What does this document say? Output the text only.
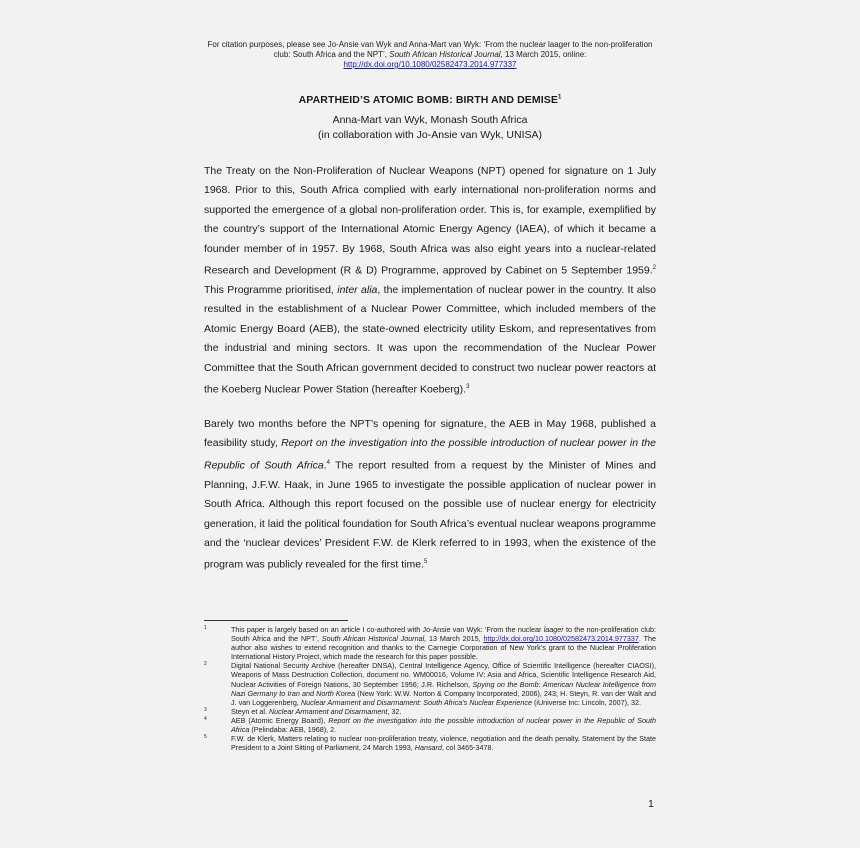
For citation purposes, please see Jo-Ansie van Wyk and Anna-Mart van Wyk: ‘From the nuclear laager to the non-proliferation
club: South Africa and the NPT’, South African Historical Journal, 13 March 2015, online:
http://dx.doi.org/10.1080/02582473.2014.977337
APARTHEID’S ATOMIC BOMB: BIRTH AND DEMISE$^1$
Anna-Mart van Wyk, Monash South Africa
(in collaboration with Jo-Ansie van Wyk, UNISA)
The Treaty on the Non-Proliferation of Nuclear Weapons (NPT) opened for signature on 1 July 1968. Prior to this, South Africa complied with early international non-proliferation norms and supported the emergence of a global non-proliferation order. This is, for example, exemplified by the country’s support of the International Atomic Energy Agency (IAEA), of which it became a founder member of in 1957. By 1968, South Africa was also eight years into a nuclear-related Research and Development (R & D) Programme, approved by Cabinet on 5 September 1959.$^2$ This Programme prioritised, inter alia, the implementation of nuclear power in the country. It also resulted in the establishment of a Nuclear Power Committee, which included members of the Atomic Energy Board (AEB), the state-owned electricity utility Eskom, and representatives from the industrial and mining sectors. It was upon the recommendation of the Nuclear Power Committee that the South African government decided to construct two nuclear power reactors at the Koeberg Nuclear Power Station (hereafter Koeberg).$^3$
Barely two months before the NPT’s opening for signature, the AEB in May 1968, published a feasibility study, Report on the investigation into the possible introduction of nuclear power in the Republic of South Africa.$^4$ The report resulted from a request by the Minister of Mines and Planning, J.F.W. Haak, in June 1965 to investigate the possible application of nuclear power in South Africa. Although this report focused on the possible use of nuclear energy for electricity generation, it laid the political foundation for South Africa’s eventual nuclear weapons programme and the ‘nuclear devices’ President F.W. de Klerk referred to in 1993, when the existence of the program was publicly revealed for the first time.$^5$
1	This paper is largely based on an article I co-authored with Jo-Ansie van Wyk: ‘From the nuclear laager to the non-proliferation club: South Africa and the NPT’, South African Historical Journal, 13 March 2015, http://dx.doi.org/10.1080/02582473.2014.977337. The author also wishes to extend recognition and thanks to the Carnegie Corporation of New York’s grant to the Nuclear Proliferation International History Project, which made the research for this paper possible.
2	Digital National Security Archive (hereafter DNSA), Central Intelligence Agency, Office of Scientific Intelligence (hereafter CIAOSI), Weapons of Mass Destruction Collection, document no. WM00016, Volume IV: Asia and Africa, Scientific Intelligence Research Aid, Nuclear Activities of Foreign Nations, 30 September 1956; J.R. Richelson, Spying on the Bomb: American Nuclear Intelligence from Nazi Germany to Iran and North Korea (New York: W.W. Norton & Company Incorporated, 2006), 243; H. Steyn, R. van der Walt and J. van Loggerenberg, Nuclear Armament and Disarmament: South Africa’s Nuclear Experience (iUniverse Inc: Lincoln, 2007), 32.
3	Steyn et al. Nuclear Armament and Disarmament, 32.
4	AEB (Atomic Energy Board), Report on the investigation into the possible introduction of nuclear power in the Republic of South Africa (Pelindaba: AEB, 1968), 2.
5	F.W. de Klerk, Matters relating to nuclear non-proliferation treaty, violence, negotiation and the death penalty. Statement by the State President to a Joint Sitting of Parliament, 24 March 1993, Hansard, col 3465-3478.
1
